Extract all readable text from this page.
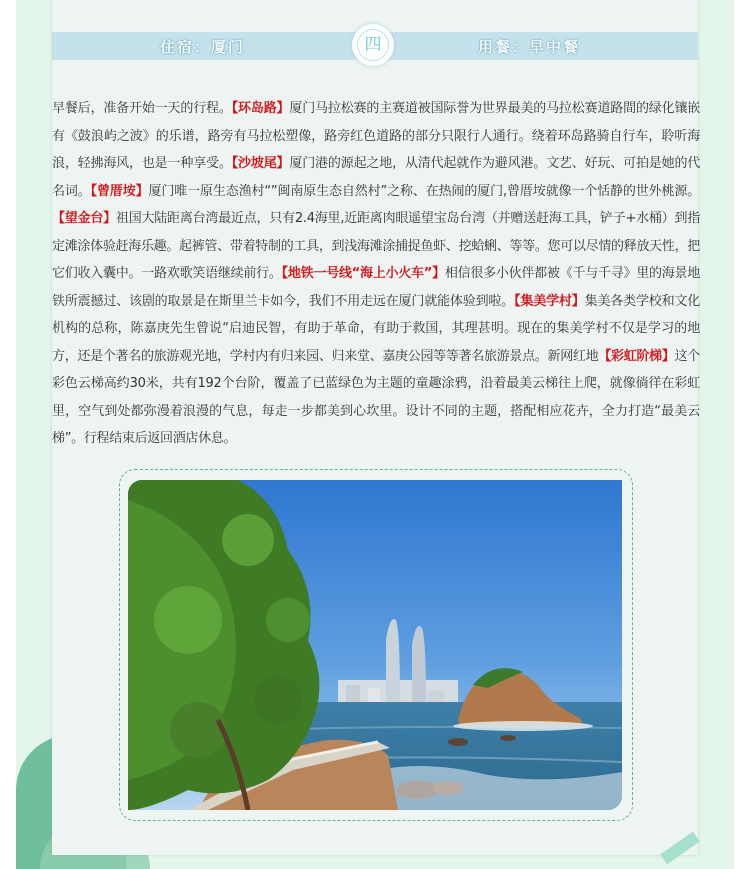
住宿：厦门	用餐：早中餐
四
早餐后，准备开始一天的行程。【环岛路】厦门马拉松赛的主赛道被国际誉为世界最美的马拉松赛道路間的绿化镶嵌有《鼓浪屿之波》的乐谱，路旁有马拉松塑像，路旁红色道路的部分只限行人通行。绕着环岛路骑自行车，聆听海浪，轻拂海风，也是一种享受。【沙坡尾】厦门港的源起之地，从清代起就作为避风港。文艺、好玩、可拍是她的代名词。【曾厝垵】厦门唯一原生态渔村“”闽南原生态自然村”之称、在热闹的厦门,曾厝垵就像一个恬静的世外桃源。【望金台】祖国大陆距离台湾最近点，只有2.4海里,近距离肉眼遥望宝岛台湾（并赠送赶海工具，铲子+水桶）到指定滩涂体验赶海乐趣。起裤管、带着特制的工具，到浅海滩涂捕捉鱼虾、挖蛤蜊、等等。您可以尽情的释放天性，把它们收入囊中。一路欢歌笑语继续前行。【地铁一号线“海上小火车”】相信很多小伙伴都被《千与千寻》里的海景地铁所震撼过、该剧的取景是在斯里兰卡如今，我们不用走远在厦门就能体验到啦。【集美学村】集美各类学校和文化机构的总称，陈嘉庚先生曾说“启迪民智，有助于革命，有助于救国，其理甚明。现在的集美学村不仅是学习的地方，还是个著名的旅游观光地，学村内有归来园、归来堂、嘉庚公园等等著名旅游景点。新网红地【彩虹阶梯】这个彩色云梯高约30米，共有192个台阶，覆盖了已蓝绿色为主题的童趣涂鸦，沿着最美云梯往上爬，就像徜徉在彩虹里，空气到处都弥漫着浪漫的气息，每走一步都美到心坎里。设计不同的主题，搭配相应花卉，全力打造“最美云梯”。行程结束后返回酒店休息。
